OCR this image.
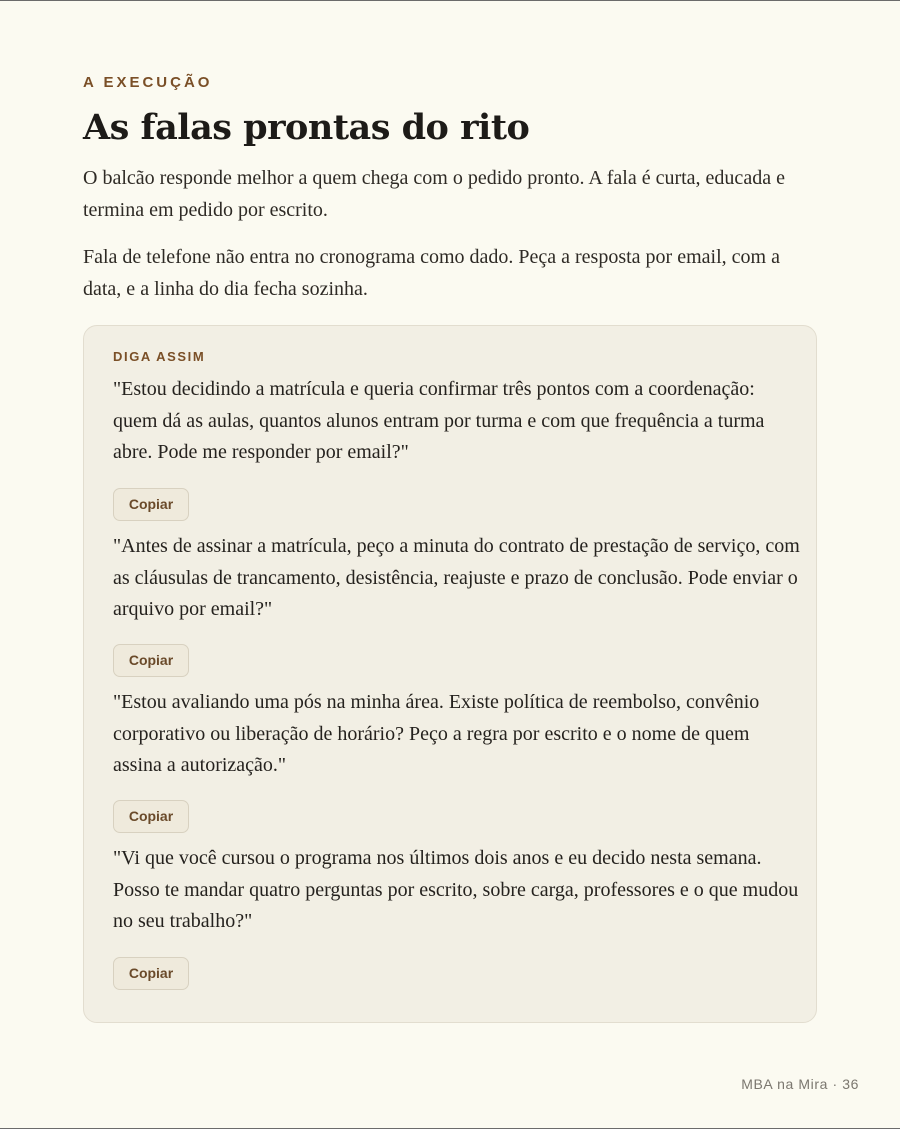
A EXECUÇÃO
As falas prontas do rito

O balcão responde melhor a quem chega com o pedido pronto. A fala é curta, educada e termina em pedido por escrito.

Fala de telefone não entra no cronograma como dado. Peça a resposta por email, com a data, e a linha do dia fecha sozinha.

DIGA ASSIM

"Estou decidindo a matrícula e queria confirmar três pontos com a coordenação: quem dá as aulas, quantos alunos entram por turma e com que frequência a turma abre. Pode me responder por email?"

Copiar

"Antes de assinar a matrícula, peço a minuta do contrato de prestação de serviço, com as cláusulas de trancamento, desistência, reajuste e prazo de conclusão. Pode enviar o arquivo por email?"

Copiar

"Estou avaliando uma pós na minha área. Existe política de reembolso, convênio corporativo ou liberação de horário? Peço a regra por escrito e o nome de quem assina a autorização."

Copiar

"Vi que você cursou o programa nos últimos dois anos e eu decido nesta semana. Posso te mandar quatro perguntas por escrito, sobre carga, professores e o que mudou no seu trabalho?"

Copiar
MBA na Mira · 36
